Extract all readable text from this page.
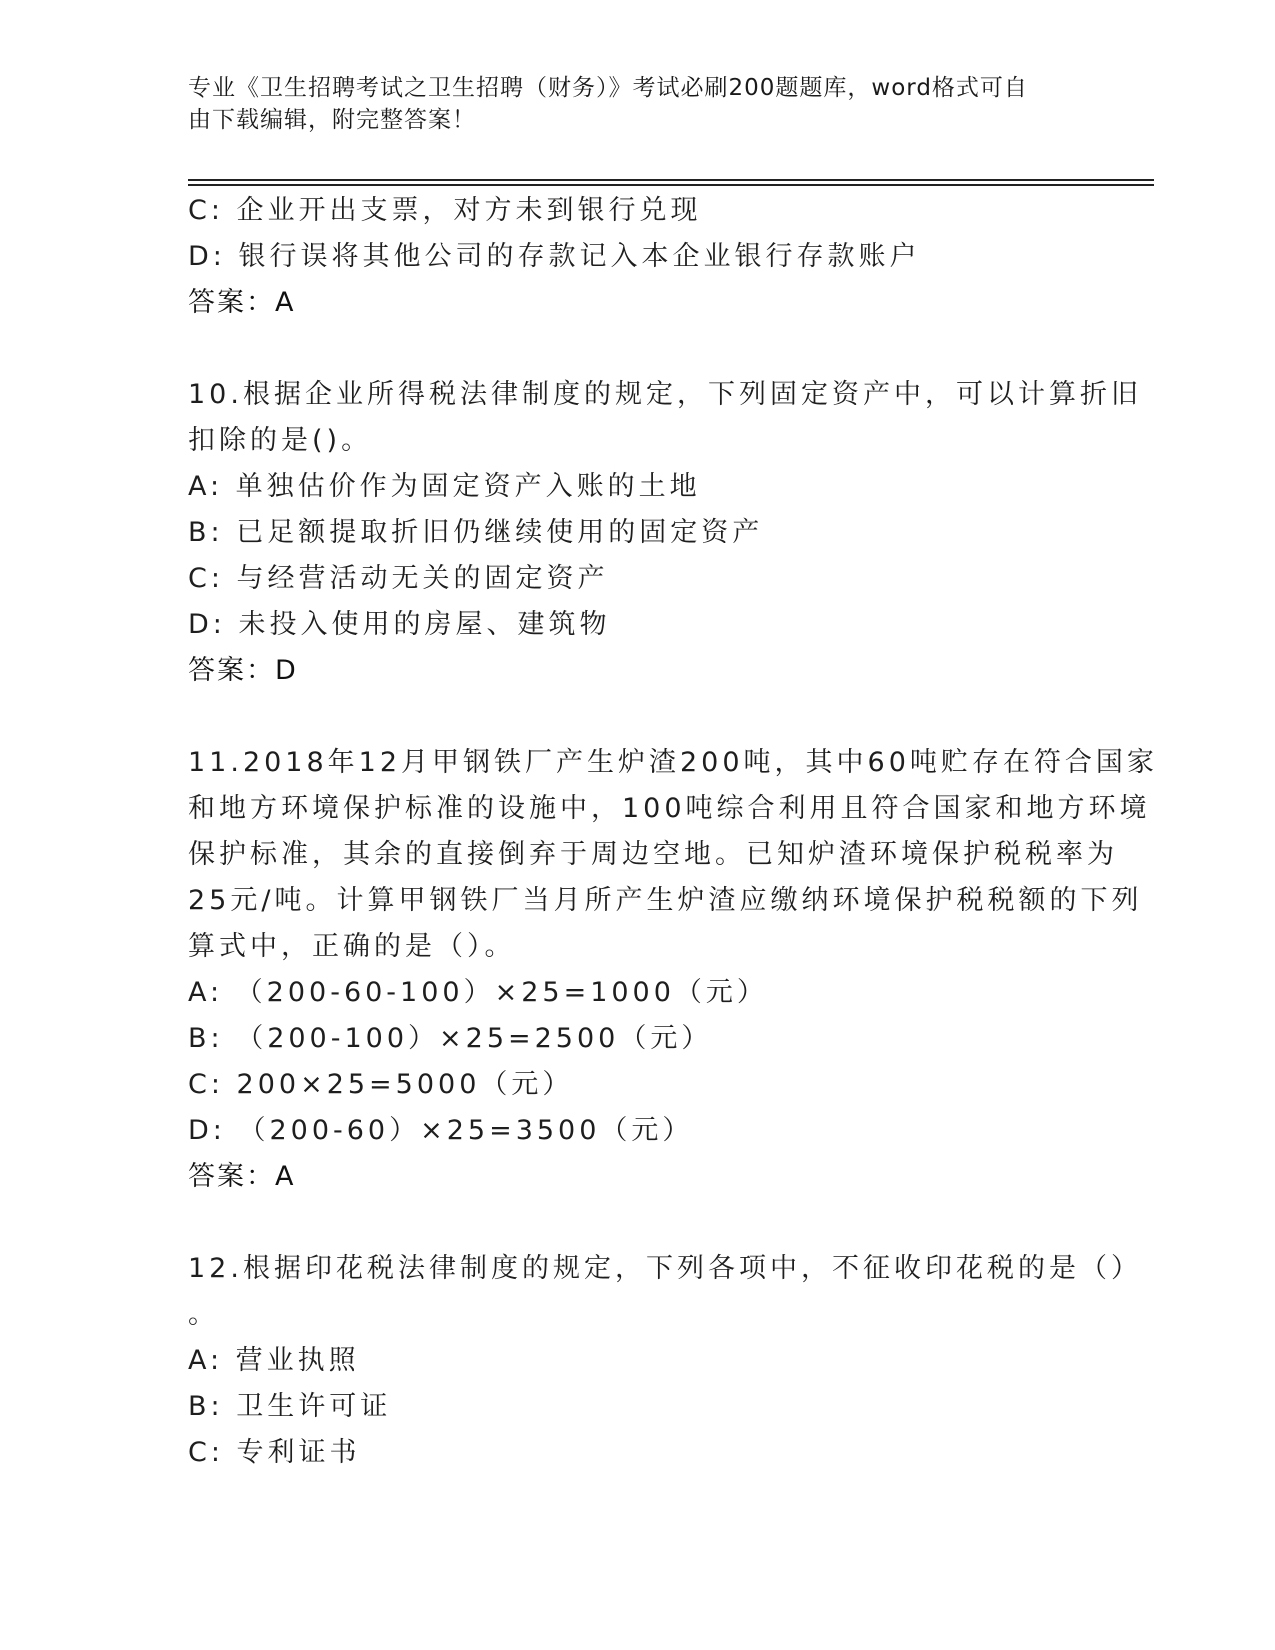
专业《卫生招聘考试之卫生招聘（财务）》考试必刷200题题库，word格式可自
由下载编辑，附完整答案！
C: 企业开出支票，对方未到银行兑现
D: 银行误将其他公司的存款记入本企业银行存款账户
答案：A
10.根据企业所得税法律制度的规定，下列固定资产中，可以计算折旧
扣除的是()。
A: 单独估价作为固定资产入账的土地
B: 已足额提取折旧仍继续使用的固定资产
C: 与经营活动无关的固定资产
D: 未投入使用的房屋、建筑物
答案：D
11.2018年12月甲钢铁厂产生炉渣200吨，其中60吨贮存在符合国家
和地方环境保护标准的设施中，100吨综合利用且符合国家和地方环境
保护标准，其余的直接倒弃于周边空地。已知炉渣环境保护税税率为
25元/吨。计算甲钢铁厂当月所产生炉渣应缴纳环境保护税税额的下列
算式中，正确的是（）。
A: （200-60-100）×25=1000（元）
B: （200-100）×25=2500（元）
C: 200×25=5000（元）
D: （200-60）×25=3500（元）
答案：A
12.根据印花税法律制度的规定，下列各项中，不征收印花税的是（）
。
A: 营业执照
B: 卫生许可证
C: 专利证书
